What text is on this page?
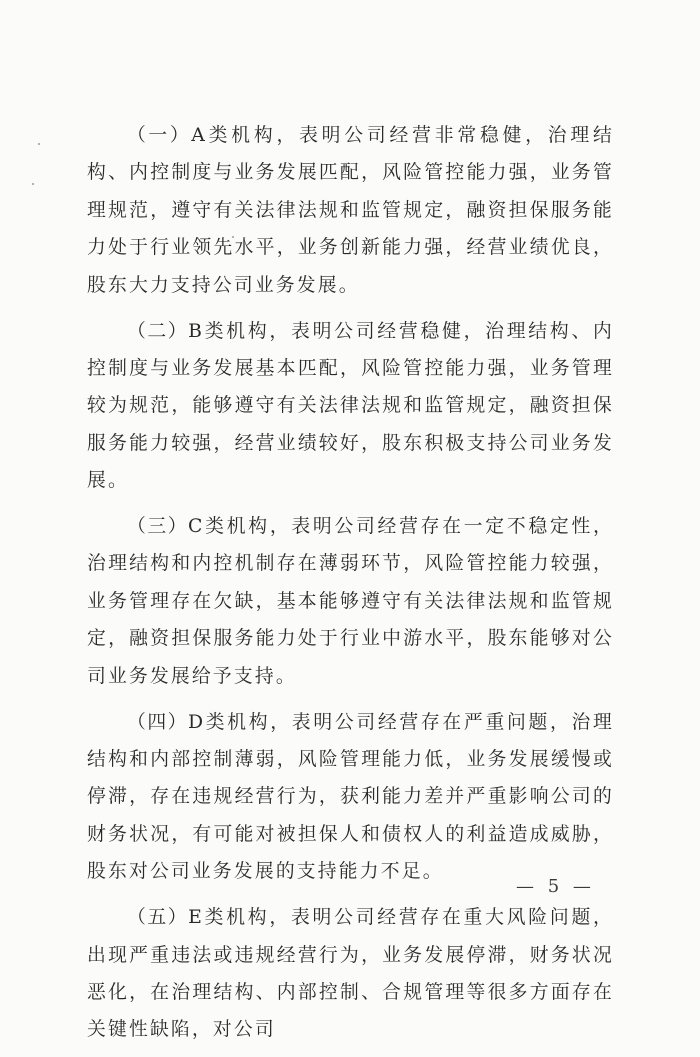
（一）A类机构，表明公司经营非常稳健，治理结构、内控制度与业务发展匹配，风险管控能力强，业务管理规范，遵守有关法律法规和监管规定，融资担保服务能力处于行业领先水平，业务创新能力强，经营业绩优良，股东大力支持公司业务发展。

（二）B类机构，表明公司经营稳健，治理结构、内控制度与业务发展基本匹配，风险管控能力强，业务管理较为规范，能够遵守有关法律法规和监管规定，融资担保服务能力较强，经营业绩较好，股东积极支持公司业务发展。

（三）C类机构，表明公司经营存在一定不稳定性，治理结构和内控机制存在薄弱环节，风险管控能力较强，业务管理存在欠缺，基本能够遵守有关法律法规和监管规定，融资担保服务能力处于行业中游水平，股东能够对公司业务发展给予支持。

（四）D类机构，表明公司经营存在严重问题，治理结构和内部控制薄弱，风险管理能力低，业务发展缓慢或停滞，存在违规经营行为，获利能力差并严重影响公司的财务状况，有可能对被担保人和债权人的利益造成威胁，股东对公司业务发展的支持能力不足。

（五）E类机构，表明公司经营存在重大风险问题，出现严重违法或违规经营行为，业务发展停滞，财务状况恶化，在治理结构、内部控制、合规管理等很多方面存在关键性缺陷，对公司

— 5 —
